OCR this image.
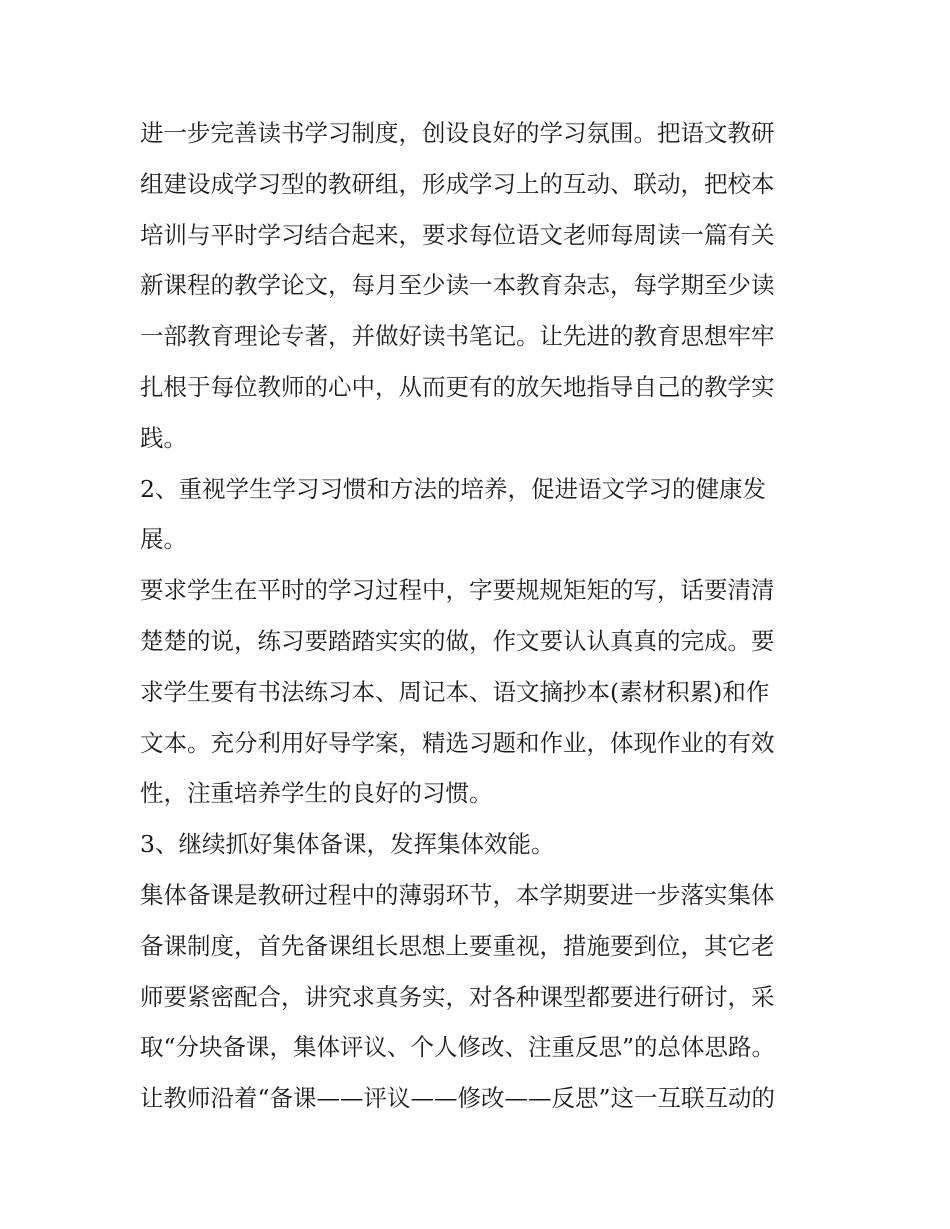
进一步完善读书学习制度，创设良好的学习氛围。把语文教研
组建设成学习型的教研组，形成学习上的互动、联动，把校本
培训与平时学习结合起来，要求每位语文老师每周读一篇有关
新课程的教学论文，每月至少读一本教育杂志，每学期至少读
一部教育理论专著，并做好读书笔记。让先进的教育思想牢牢
扎根于每位教师的心中，从而更有的放矢地指导自己的教学实
践。
2、重视学生学习习惯和方法的培养，促进语文学习的健康发
展。
要求学生在平时的学习过程中，字要规规矩矩的写，话要清清
楚楚的说，练习要踏踏实实的做，作文要认认真真的完成。要
求学生要有书法练习本、周记本、语文摘抄本(素材积累)和作
文本。充分利用好导学案，精选习题和作业，体现作业的有效
性，注重培养学生的良好的习惯。
3、继续抓好集体备课，发挥集体效能。
集体备课是教研过程中的薄弱环节，本学期要进一步落实集体
备课制度，首先备课组长思想上要重视，措施要到位，其它老
师要紧密配合，讲究求真务实，对各种课型都要进行研讨，采
取“分块备课，集体评议、个人修改、注重反思”的总体思路。
让教师沿着“备课——评议——修改——反思”这一互联互动的
